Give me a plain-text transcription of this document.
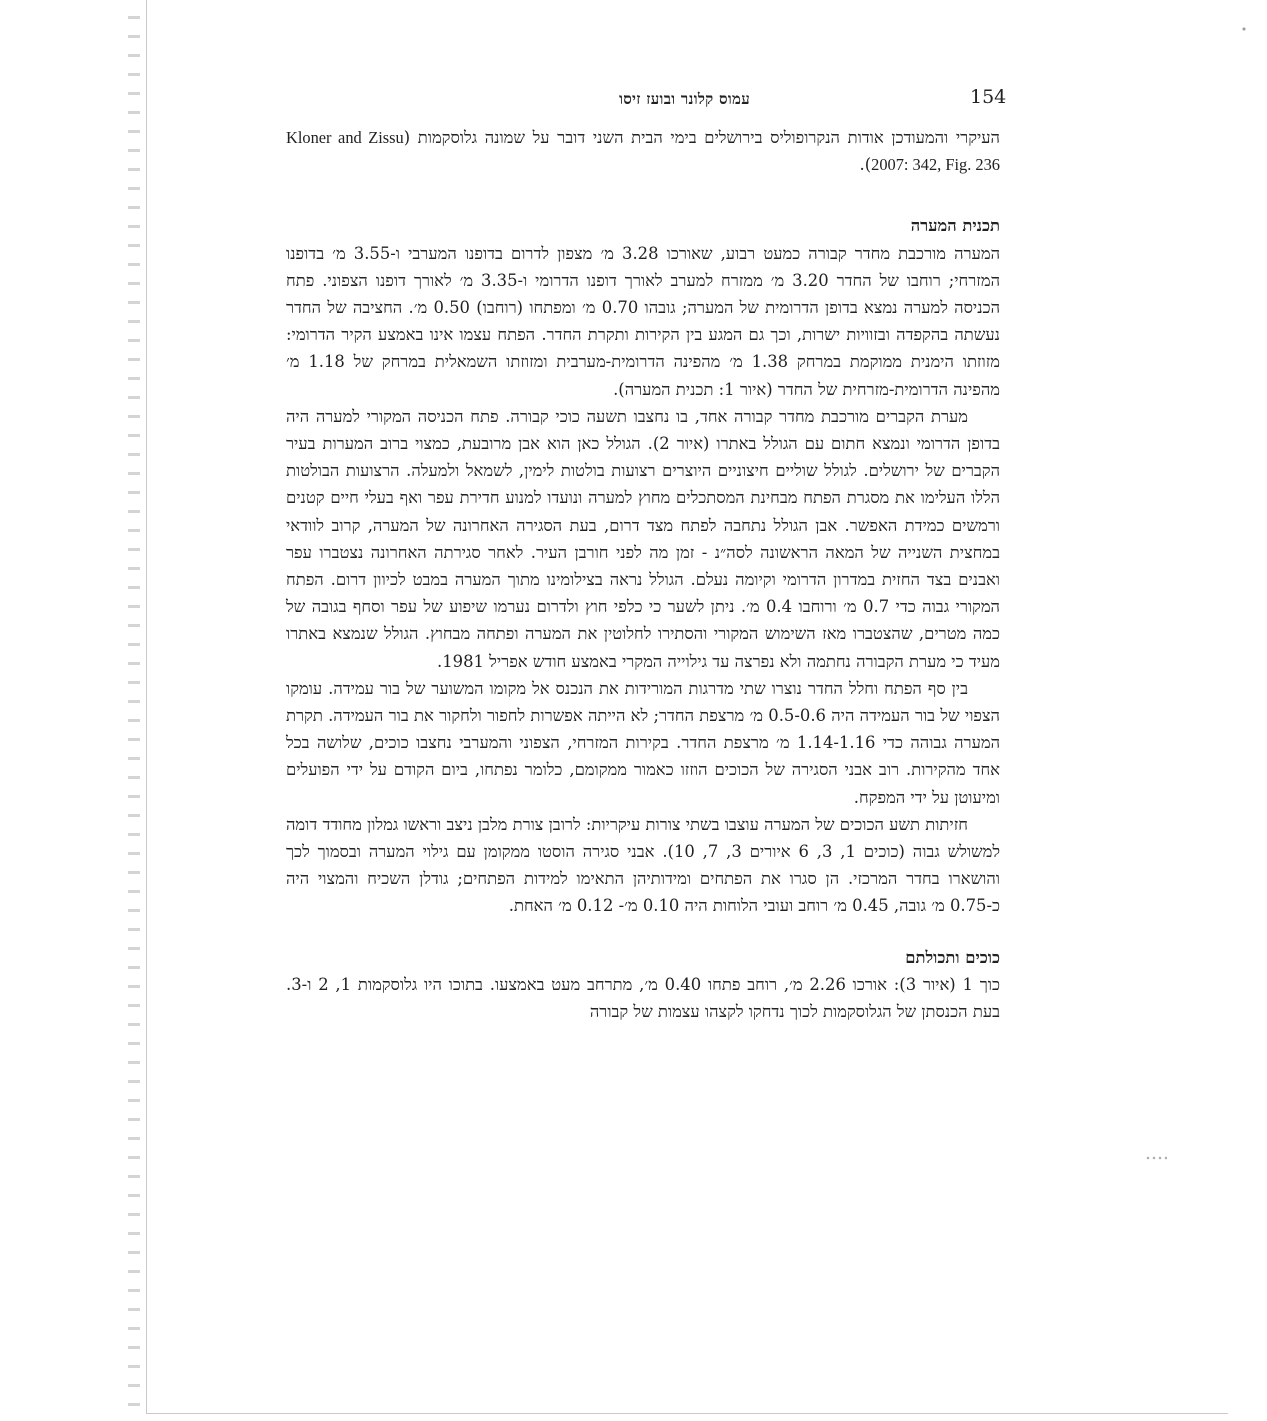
עמוס קלונר ובועז זיסו	154

העיקרי והמעודכן אודות הנקרופוליס בירושלים בימי הבית השני דובר על שמונה גלוסקמות (Kloner and Zissu 2007: 342, Fig. 236).

תכנית המערה

המערה מורכבת מחדר קבורה כמעט רבוע, שאורכו 3.28 מ׳ מצפון לדרום בדופנו המערבי ו-3.55 מ׳ בדופנו המזרחי; רוחבו של החדר 3.20 מ׳ ממזרח למערב לאורך דופנו הדרומי ו-3.35 מ׳ לאורך דופנו הצפוני. פתח הכניסה למערה נמצא בדופן הדרומית של המערה; גובהו 0.70 מ׳ ומפתחו (רוחבו) 0.50 מ׳. החציבה של החדר נעשתה בהקפדה ובזוויות ישרות, וכך גם המגע בין הקירות ותקרת החדר. הפתח עצמו אינו באמצע הקיר הדרומי: מזוזתו הימנית ממוקמת במרחק 1.38 מ׳ מהפינה הדרומית-מערבית ומזוזתו השמאלית במרחק של 1.18 מ׳ מהפינה הדרומית-מזרחית של החדר (איור 1: תכנית המערה).

מערת הקברים מורכבת מחדר קבורה אחד, בו נחצבו תשעה כוכי קבורה. פתח הכניסה המקורי למערה היה בדופן הדרומי ונמצא חתום עם הגולל באתרו (איור 2). הגולל כאן הוא אבן מרובעת, כמצוי ברוב המערות בעיר הקברים של ירושלים. לגולל שוליים חיצוניים היוצרים רצועות בולטות לימין, לשמאל ולמעלה. הרצועות הבולטות הללו העלימו את מסגרת הפתח מבחינת המסתכלים מחוץ למערה ונועדו למנוע חדירת עפר ואף בעלי חיים קטנים ורמשים כמידת האפשר. אבן הגולל נתחבה לפתח מצד דרום, בעת הסגירה האחרונה של המערה, קרוב לוודאי במחצית השנייה של המאה הראשונה לסה״נ - זמן מה לפני חורבן העיר. לאחר סגירתה האחרונה נצטברו עפר ואבנים בצד החזית במדרון הדרומי וקיומה נעלם. הגולל נראה בצילומינו מתוך המערה במבט לכיוון דרום. הפתח המקורי גבוה כדי 0.7 מ׳ ורוחבו 0.4 מ׳. ניתן לשער כי כלפי חוץ ולדרום נערמו שיפוע של עפר וסחף בגובה של כמה מטרים, שהצטברו מאז השימוש המקורי והסתירו לחלוטין את המערה ופתחה מבחוץ. הגולל שנמצא באתרו מעיד כי מערת הקבורה נחתמה ולא נפרצה עד גילוייה המקרי באמצע חודש אפריל 1981.

בין סף הפתח וחלל החדר נוצרו שתי מדרגות המורידות את הנכנס אל מקומו המשוער של בור עמידה. עומקו הצפוי של בור העמידה היה 0.5-0.6 מ׳ מרצפת החדר; לא הייתה אפשרות לחפור ולחקור את בור העמידה. תקרת המערה גבוהה כדי 1.14-1.16 מ׳ מרצפת החדר. בקירות המזרחי, הצפוני והמערבי נחצבו כוכים, שלושה בכל אחד מהקירות. רוב אבני הסגירה של הכוכים הוזזו כאמור ממקומם, כלומר נפתחו, ביום הקודם על ידי הפועלים ומיעוטן על ידי המפקח.

חזיתות תשע הכוכים של המערה עוצבו בשתי צורות עיקריות: לרובן צורת מלבן ניצב וראשו גמלון מחודד דומה למשולש גבוה (כוכים 1, 3, 6 איורים 3, 7, 10). אבני סגירה הוסטו ממקומן עם גילוי המערה ובסמוך לכך והושארו בחדר המרכזי. הן סגרו את הפתחים ומידותיהן התאימו למידות הפתחים; גודלן השכיח והמצוי היה כ-0.75 מ׳ גובה, 0.45 מ׳ רוחב ועובי הלוחות היה 0.10 מ׳- 0.12 מ׳ האחת.

כוכים ותכולתם

כוך 1 (איור 3): אורכו 2.26 מ׳, רוחב פתחו 0.40 מ׳, מתרחב מעט באמצעו. בתוכו היו גלוסקמות 1, 2 ו-3. בעת הכנסתן של הגלוסקמות לכוך נדחקו לקצהו עצמות של קבורה
